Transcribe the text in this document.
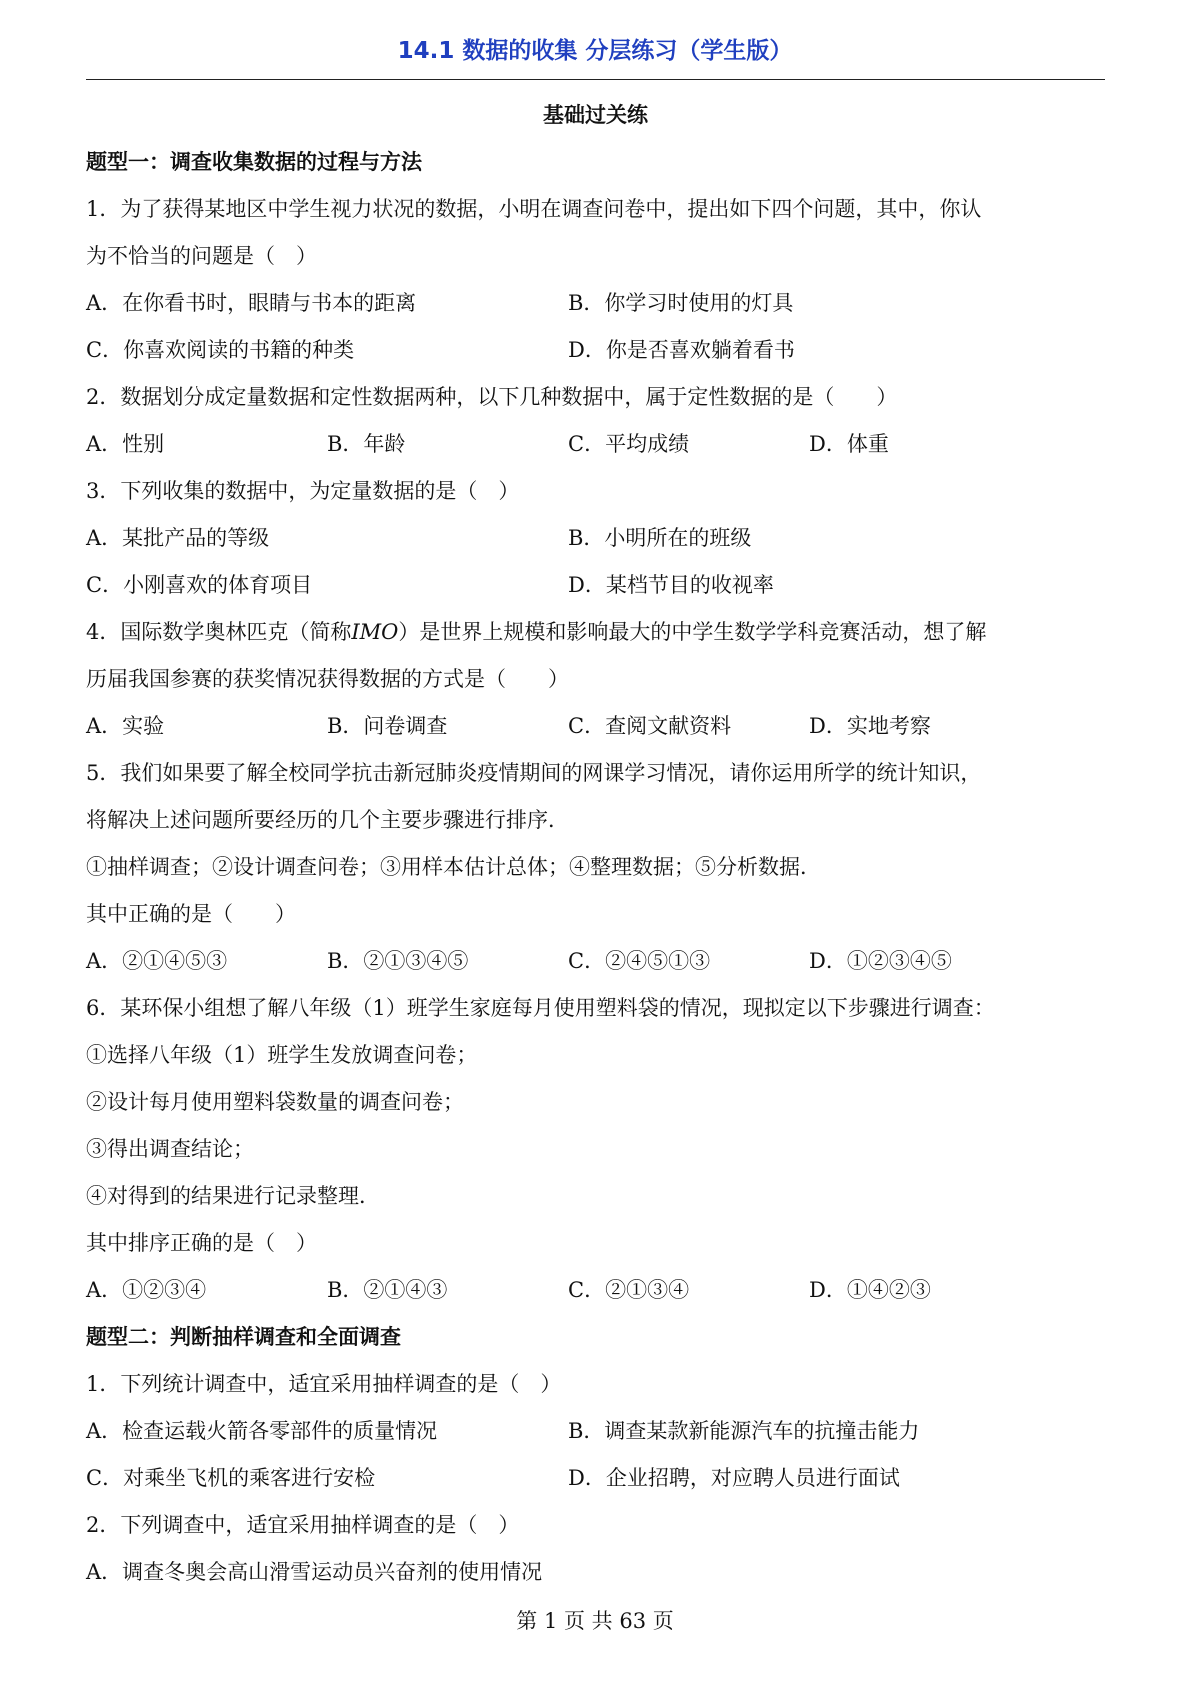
14.1 数据的收集 分层练习（学生版）
基础过关练
题型一：调查收集数据的过程与方法
1．为了获得某地区中学生视力状况的数据，小明在调查问卷中，提出如下四个问题，其中，你认
为不恰当的问题是（　）
A．在你看书时，眼睛与书本的距离	B．你学习时使用的灯具
C．你喜欢阅读的书籍的种类	D．你是否喜欢躺着看书
2．数据划分成定量数据和定性数据两种，以下几种数据中，属于定性数据的是（　　）
A．性别	B．年龄	C．平均成绩	D．体重
3．下列收集的数据中，为定量数据的是（　）
A．某批产品的等级	B．小明所在的班级
C．小刚喜欢的体育项目	D．某档节目的收视率
4．国际数学奥林匹克（简称IMO）是世界上规模和影响最大的中学生数学学科竞赛活动，想了解
历届我国参赛的获奖情况获得数据的方式是（　　）
A．实验	B．问卷调查	C．查阅文献资料	D．实地考察
5．我们如果要了解全校同学抗击新冠肺炎疫情期间的网课学习情况，请你运用所学的统计知识，
将解决上述问题所要经历的几个主要步骤进行排序．
①抽样调查；②设计调查问卷；③用样本估计总体；④整理数据；⑤分析数据．
其中正确的是（　　）
A．②①④⑤③	B．②①③④⑤	C．②④⑤①③	D．①②③④⑤
6．某环保小组想了解八年级（1）班学生家庭每月使用塑料袋的情况，现拟定以下步骤进行调查：
①选择八年级（1）班学生发放调查问卷；
②设计每月使用塑料袋数量的调查问卷；
③得出调查结论；
④对得到的结果进行记录整理．
其中排序正确的是（　）
A．①②③④	B．②①④③	C．②①③④	D．①④②③
题型二：判断抽样调查和全面调查
1．下列统计调查中，适宜采用抽样调查的是（　）
A．检查运载火箭各零部件的质量情况	B．调查某款新能源汽车的抗撞击能力
C．对乘坐飞机的乘客进行安检	D．企业招聘，对应聘人员进行面试
2．下列调查中，适宜采用抽样调查的是（　）
A．调查冬奥会高山滑雪运动员兴奋剂的使用情况
第 1 页 共 63 页
